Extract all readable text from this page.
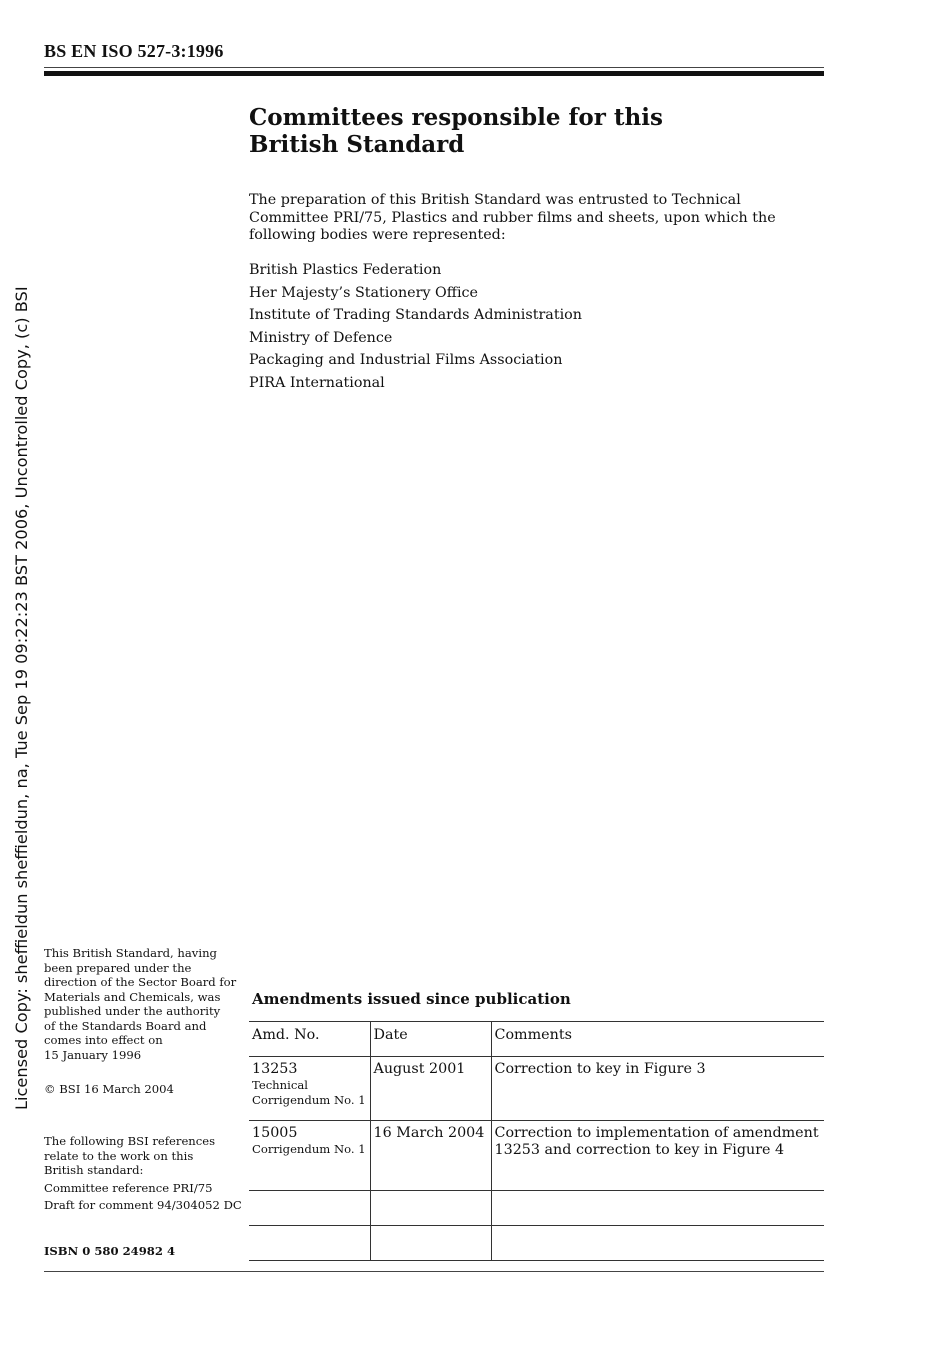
BS EN ISO 527-3:1996
Committees responsible for this
British Standard
The preparation of this British Standard was entrusted to Technical Committee PRI/75, Plastics and rubber films and sheets, upon which the following bodies were represented:
British Plastics Federation
Her Majesty’s Stationery Office
Institute of Trading Standards Administration
Ministry of Defence
Packaging and Industrial Films Association
PIRA International
Licensed Copy: sheffieldun sheffieldun, na, Tue Sep 19 09:22:23 BST 2006, Uncontrolled Copy, (c) BSI This British Standard, having
been prepared under the
direction of the Sector Board for
Materials and Chemicals, was
published under the authority
of the Standards Board and
comes into effect on
15 January 1996
© BSI 16 March 2004
The following BSI references
relate to the work on this
British standard:
Committee reference PRI/75
Draft for comment 94/304052 DC
ISBN 0 580 24982 4
Amendments issued since publication
Amd. No.	Date	Comments
13253
Technical Corrigendum No. 1	August 2001	Correction to key in Figure 3
15005
Corrigendum No. 1	16 March 2004	Correction to implementation of amendment 13253 and correction to key in Figure 4
